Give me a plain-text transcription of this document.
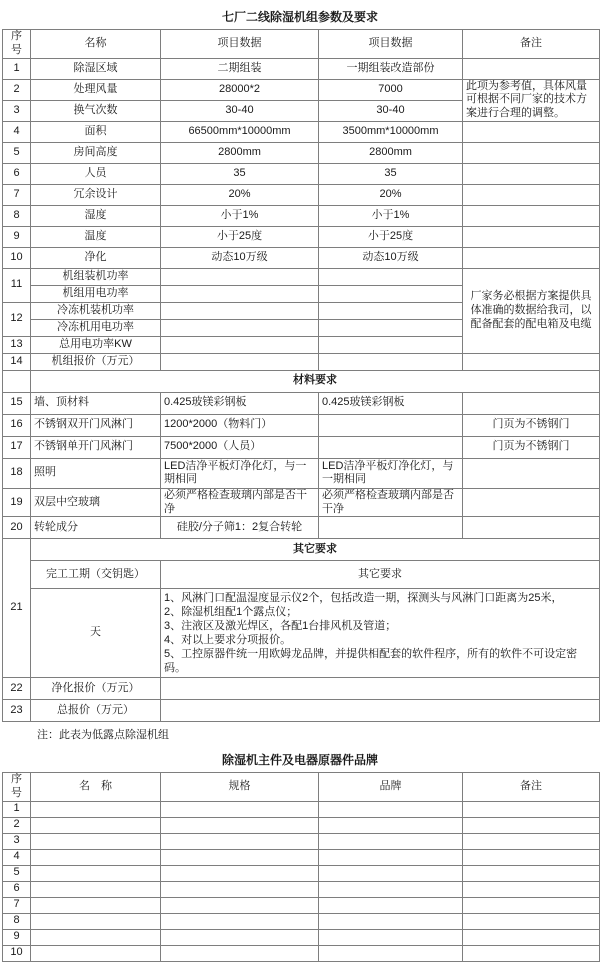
七厂二线除湿机组参数及要求
序号	名称	项目数据	项目数据	备注
1	除湿区域	二期组装	一期组装改造部份	
2	处理风量	28000*2	7000	此项为参考值，具体风量可根据不同厂家的技术方案进行合理的调整。
3	换气次数	30-40	30-40	
4	面积	66500mm*10000mm	3500mm*10000mm	
5	房间高度	2800mm	2800mm	
6	人员	35	35	
7	冗余设计	20%	20%	
8	湿度	小于1%	小于1%	
9	温度	小于25度	小于25度	
10	净化	动态10万级	动态10万级	
11	机组装机功率			厂家务必根据方案提供具体准确的数据给我司，以配备配套的配电箱及电缆
	机组用电功率			
12	冷冻机装机功率			
	冷冻机用电功率			
13	总用电功率KW			
14	机组报价（万元）			
	材料要求			
15	墙、顶材料	0.425玻镁彩钢板	0.425玻镁彩钢板	
16	不锈钢双开门风淋门	1200*2000（物料门）		门页为不锈钢门
17	不锈钢单开门风淋门	7500*2000（人员）		门页为不锈钢门
18	照明	LED洁净平板灯净化灯，与一期相同	LED洁净平板灯净化灯，与一期相同	
19	双层中空玻璃	必须严格检查玻璃内部是否干净	必须严格检查玻璃内部是否干净	
20	转轮成分	硅胶/分子筛1：2复合转轮		
21	其它要求			
	完工工期（交钥匙）	其它要求		
	天	1、风淋门口配温湿度显示仪2个，包括改造一期，探测头与风淋门口距离为25米，
2、除湿机组配1个露点仪；
3、注液区及激光焊区，各配1台排风机及管道；
4、对以上要求分项报价。
5、工控原器件统一用欧姆龙品牌，并提供相配套的软件程序，所有的软件不可设定密码。		

22	净化报价（万元）			
23	总报价（万元）			
注：此表为低露点除湿机组
除湿机主件及电器原器件品牌
序号	名　称	规格	品牌	备注
1				
2				
3				
4				
5				
6				
7				
8				
9				
10				
